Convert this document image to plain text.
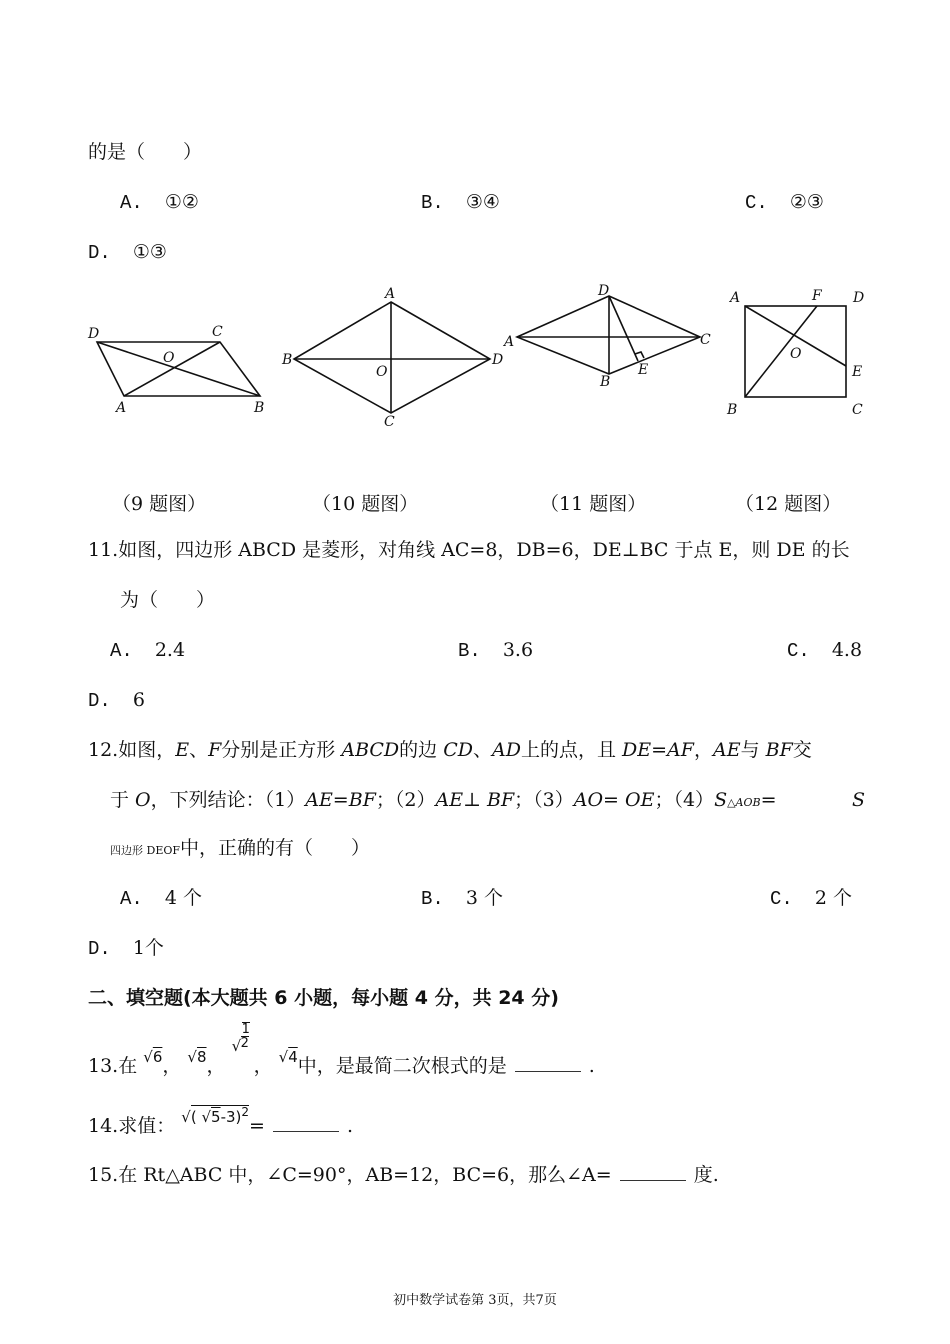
的是（　　）
A. ①②	B. ③④	C. ②③
D. ①③
D	C
O
A	B
A
B
O
D
C
D
A	C
B
E
A	F D
O
E
B	C
（9 题图）	（10 题图）	（11 题图）	（12 题图）
11.如图，四边形 ABCD 是菱形，对角线 AC=8，DB=6，DE⊥BC 于点 E，则 DE 的长
为（　　）
A. 2.4	B. 3.6	C. 4.8
D. 6
12.如图，E、F分别是正方形 ABCD的边 CD、AD上的点，且 DE=AF，AE与 BF交
于 O，下列结论：（1）AE=BF；（2）AE⊥ BF；（3）AO= OE；（4）S△AOB=	S
四边形 DEOF中，正确的有（　　）
A. 4 个	B. 3 个	C. 2 个
D. 1个
二、填空题(本大题共 6 小题，每小题 4 分，共 24 分)
13.在 $^{√6}$， $^{√8}$，
√
1
2
， $^{√4}$中，是最简二次根式的是	.
14.求值： $^{√( √5-3)^2}$=	.
15.在 Rt△ABC 中，∠C=90°，AB=12，BC=6，那么∠A=	度.
初中数学试卷第 3页，共7页
